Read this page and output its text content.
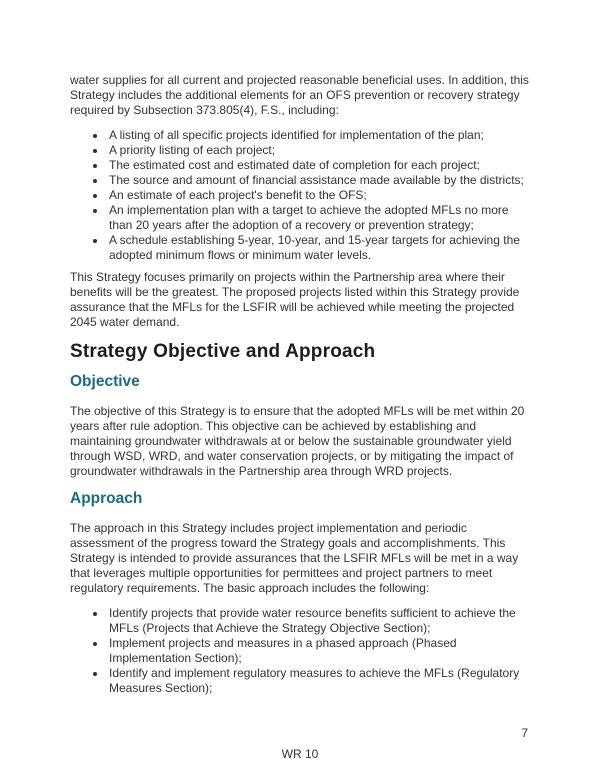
water supplies for all current and projected reasonable beneficial uses. In addition, this Strategy includes the additional elements for an OFS prevention or recovery strategy required by Subsection 373.805(4), F.S., including:

• A listing of all specific projects identified for implementation of the plan;
• A priority listing of each project;
• The estimated cost and estimated date of completion for each project;
• The source and amount of financial assistance made available by the districts;
• An estimate of each project's benefit to the OFS;
• An implementation plan with a target to achieve the adopted MFLs no more than 20 years after the adoption of a recovery or prevention strategy;
• A schedule establishing 5-year, 10-year, and 15-year targets for achieving the adopted minimum flows or minimum water levels.

This Strategy focuses primarily on projects within the Partnership area where their benefits will be the greatest. The proposed projects listed within this Strategy provide assurance that the MFLs for the LSFIR will be achieved while meeting the projected 2045 water demand.

Strategy Objective and Approach
Objective

The objective of this Strategy is to ensure that the adopted MFLs will be met within 20 years after rule adoption. This objective can be achieved by establishing and maintaining groundwater withdrawals at or below the sustainable groundwater yield through WSD, WRD, and water conservation projects, or by mitigating the impact of groundwater withdrawals in the Partnership area through WRD projects.

Approach

The approach in this Strategy includes project implementation and periodic assessment of the progress toward the Strategy goals and accomplishments. This Strategy is intended to provide assurances that the LSFIR MFLs will be met in a way that leverages multiple opportunities for permittees and project partners to meet regulatory requirements. The basic approach includes the following:

• Identify projects that provide water resource benefits sufficient to achieve the MFLs (Projects that Achieve the Strategy Objective Section);
• Implement projects and measures in a phased approach (Phased Implementation Section);
• Identify and implement regulatory measures to achieve the MFLs (Regulatory Measures Section);
7
WR 10
